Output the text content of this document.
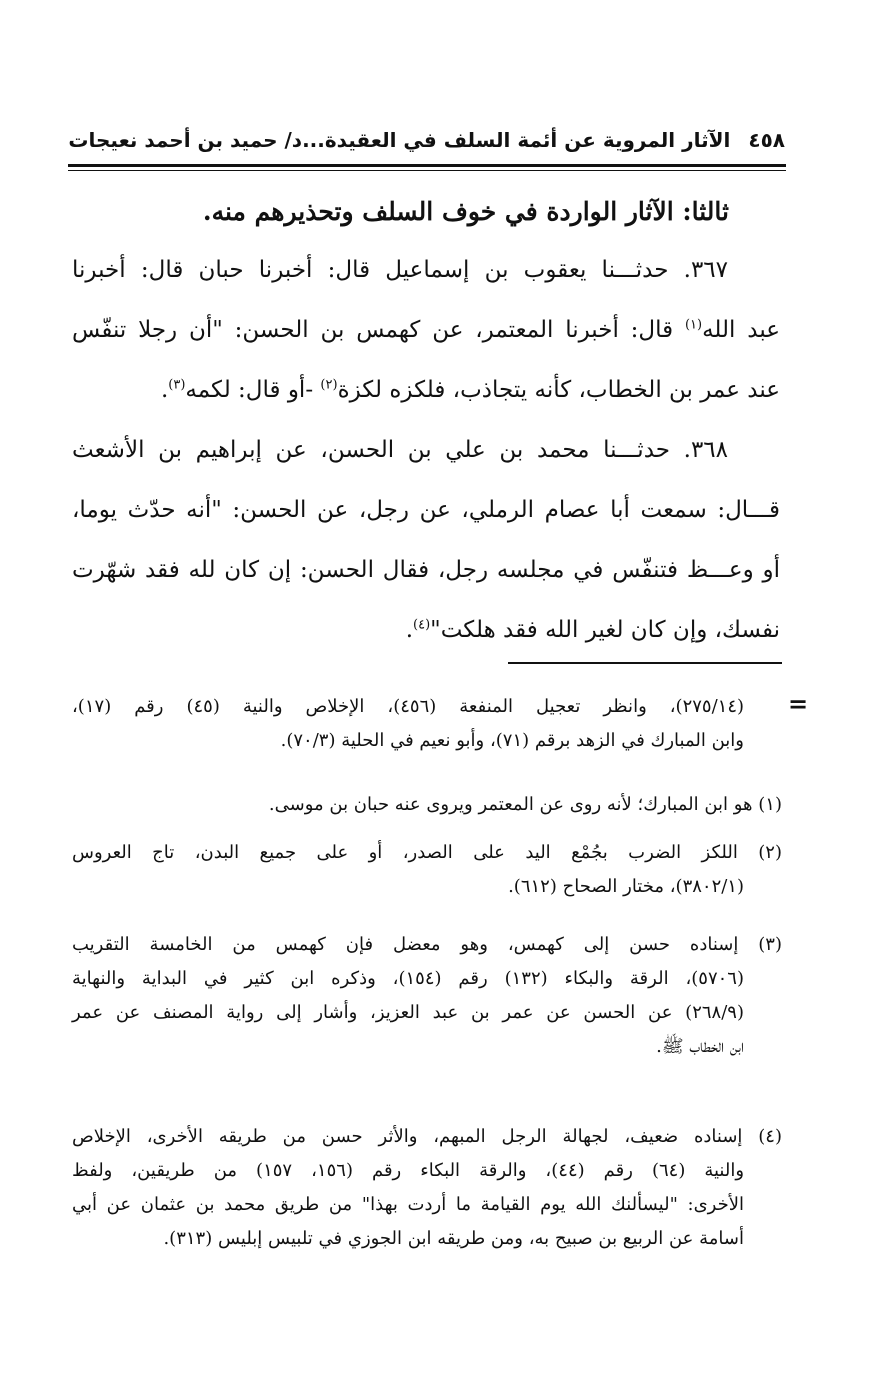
٤٥٨
الآثار المروية عن أئمة السلف في العقيدة...د/ حميد بن أحمد نعيجات
ثالثا: الآثار الواردة في خوف السلف وتحذيرهم منه.
٣٦٧. حدثـــنا يعقوب بن إسماعيل قال: أخبرنا حبان قال: أخبرنا
عبد الله$^{(١)}$ قال: أخبرنا المعتمر، عن كهمس بن الحسن: "أن رجلا تنفّس
عند عمر بن الخطاب، كأنه يتجاذب، فلكزه لكزة$^{(٢)}$ -أو قال: لكمه$^{(٣)}$.
٣٦٨. حدثـــنا محمد بن علي بن الحسن، عن إبراهيم بن الأشعث
قـــال: سمعت أبا عصام الرملي، عن رجل، عن الحسن: "أنه حدّث يوما،
أو وعـــظ فتنفّس في مجلسه رجل، فقال الحسن: إن كان لله فقد شهّرت
نفسك، وإن كان لغير الله فقد هلكت"$^{(٤)}$.
=
(٢٧٥/١٤)، وانظر تعجيل المنفعة (٤٥٦)، الإخلاص والنية (٤٥) رقم (١٧)،
وابن المبارك في الزهد برقم (٧١)، وأبو نعيم في الحلية (٧٠/٣).
(١) هو ابن المبارك؛ لأنه روى عن المعتمر ويروى عنه حبان بن موسى.
(٢) اللكز الضرب بجُمْع اليد على الصدر، أو على جميع البدن، تاج العروس
(٣٨٠٢/١)، مختار الصحاح (٦١٢).
(٣) إسناده حسن إلى كهمس، وهو معضل فإن كهمس من الخامسة التقريب
(٥٧٠٦)، الرقة والبكاء (١٣٢) رقم (١٥٤)، وذكره ابن كثير في البداية والنهاية
(٢٦٨/٩) عن الحسن عن عمر بن عبد العزيز، وأشار إلى رواية المصنف عن عمر
ابن الخطاب ﷺ.
(٤) إسناده ضعيف، لجهالة الرجل المبهم، والأثر حسن من طريقه الأخرى، الإخلاص
والنية (٦٤) رقم (٤٤)، والرقة البكاء رقم (١٥٦، ١٥٧) من طريقين، ولفظ
الأخرى: "ليسألنك الله يوم القيامة ما أردت بهذا" من طريق محمد بن عثمان عن أبي
أسامة عن الربيع بن صبيح به، ومن طريقه ابن الجوزي في تلبيس إبليس (٣١٣).
